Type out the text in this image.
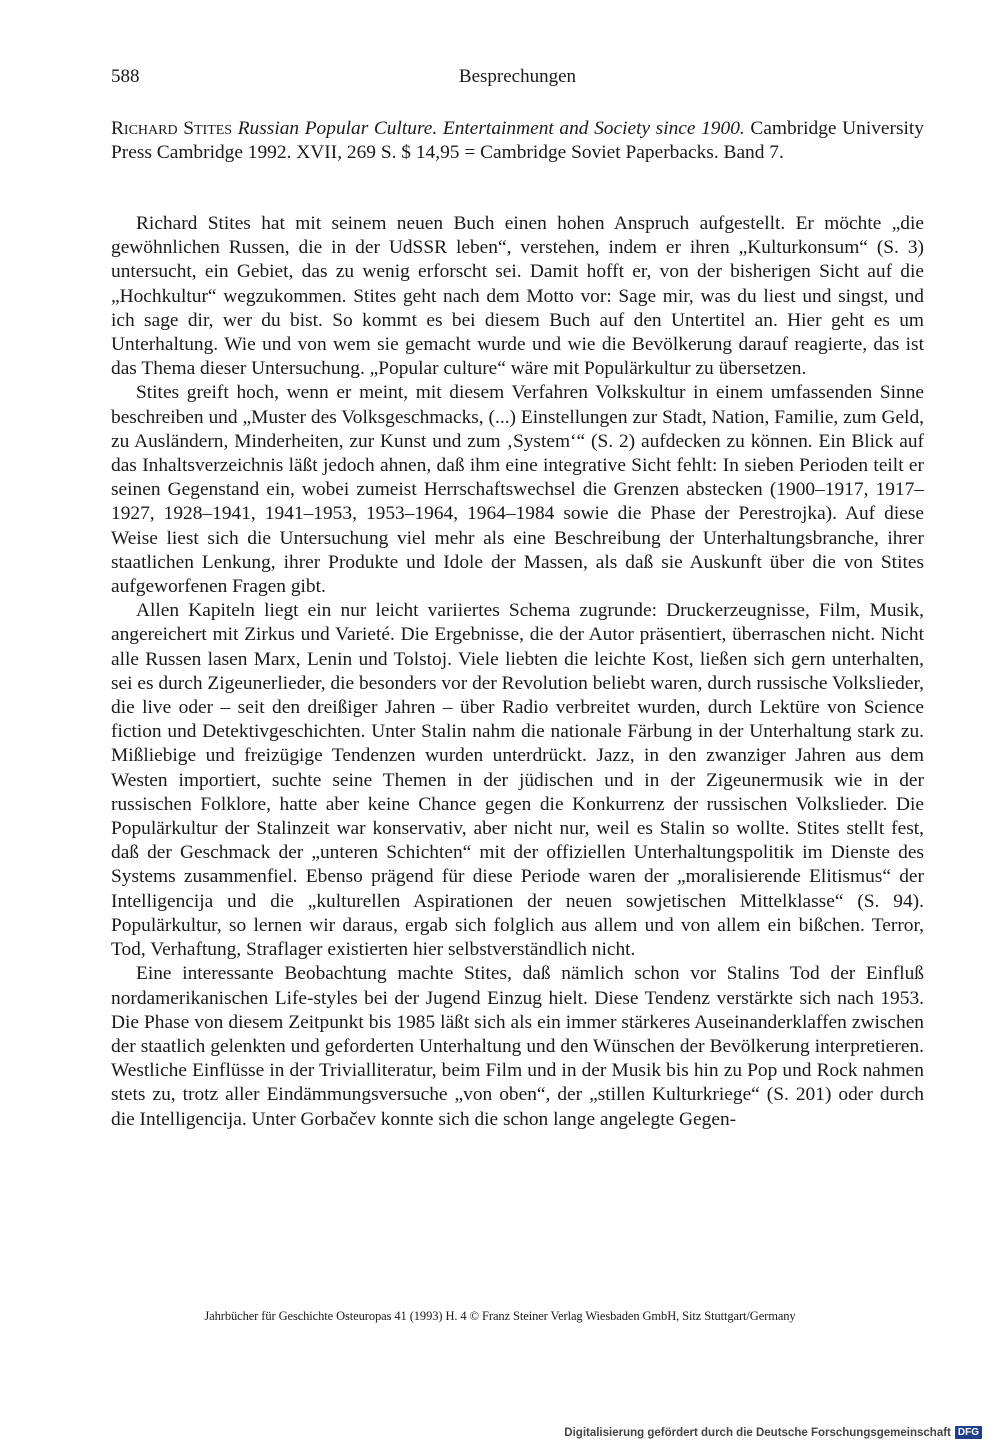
588	Besprechungen
Richard Stites Russian Popular Culture. Entertainment and Society since 1900. Cambridge University Press Cambridge 1992. XVII, 269 S. $ 14,95 = Cambridge Soviet Paperbacks. Band 7.

Richard Stites hat mit seinem neuen Buch einen hohen Anspruch aufgestellt. Er möchte „die gewöhnlichen Russen, die in der UdSSR leben“, verstehen, indem er ihren „Kulturkonsum“ (S. 3) untersucht, ein Gebiet, das zu wenig erforscht sei. Damit hofft er, von der bisherigen Sicht auf die „Hochkultur“ wegzukommen. Stites geht nach dem Motto vor: Sage mir, was du liest und singst, und ich sage dir, wer du bist. So kommt es bei diesem Buch auf den Untertitel an. Hier geht es um Unterhaltung. Wie und von wem sie gemacht wurde und wie die Bevölkerung darauf reagierte, das ist das Thema dieser Untersuchung. „Popular culture“ wäre mit Populärkultur zu übersetzen.

Stites greift hoch, wenn er meint, mit diesem Verfahren Volkskultur in einem umfassenden Sinne beschreiben und „Muster des Volksgeschmacks, (...) Einstellungen zur Stadt, Nation, Familie, zum Geld, zu Ausländern, Minderheiten, zur Kunst und zum ‚System‘“ (S. 2) aufdecken zu können. Ein Blick auf das Inhaltsverzeichnis läßt jedoch ahnen, daß ihm eine integrative Sicht fehlt: In sieben Perioden teilt er seinen Gegenstand ein, wobei zumeist Herrschaftswechsel die Grenzen abstecken (1900–1917, 1917–1927, 1928–1941, 1941–1953, 1953–1964, 1964–1984 sowie die Phase der Perestrojka). Auf diese Weise liest sich die Untersuchung viel mehr als eine Beschreibung der Unterhaltungsbranche, ihrer staatlichen Lenkung, ihrer Produkte und Idole der Massen, als daß sie Auskunft über die von Stites aufgeworfenen Fragen gibt.

Allen Kapiteln liegt ein nur leicht variiertes Schema zugrunde: Druckerzeugnisse, Film, Musik, angereichert mit Zirkus und Varieté. Die Ergebnisse, die der Autor präsentiert, überraschen nicht. Nicht alle Russen lasen Marx, Lenin und Tolstoj. Viele liebten die leichte Kost, ließen sich gern unterhalten, sei es durch Zigeunerlieder, die besonders vor der Revolution beliebt waren, durch russische Volkslieder, die live oder – seit den dreißiger Jahren – über Radio verbreitet wurden, durch Lektüre von Science fiction und Detektivgeschichten. Unter Stalin nahm die nationale Färbung in der Unterhaltung stark zu. Mißliebige und freizügige Tendenzen wurden unterdrückt. Jazz, in den zwanziger Jahren aus dem Westen importiert, suchte seine Themen in der jüdischen und in der Zigeunermusik wie in der russischen Folklore, hatte aber keine Chance gegen die Konkurrenz der russischen Volkslieder. Die Populärkultur der Stalinzeit war konservativ, aber nicht nur, weil es Stalin so wollte. Stites stellt fest, daß der Geschmack der „unteren Schichten“ mit der offiziellen Unterhaltungspolitik im Dienste des Systems zusammenfiel. Ebenso prägend für diese Periode waren der „moralisierende Elitismus“ der Intelligencija und die „kulturellen Aspirationen der neuen sowjetischen Mittelklasse“ (S. 94). Populärkultur, so lernen wir daraus, ergab sich folglich aus allem und von allem ein bißchen. Terror, Tod, Verhaftung, Straflager existierten hier selbstverständlich nicht.

Eine interessante Beobachtung machte Stites, daß nämlich schon vor Stalins Tod der Einfluß nordamerikanischen Life-styles bei der Jugend Einzug hielt. Diese Tendenz verstärkte sich nach 1953. Die Phase von diesem Zeitpunkt bis 1985 läßt sich als ein immer stärkeres Auseinanderklaffen zwischen der staatlich gelenkten und geforderten Unterhaltung und den Wünschen der Bevölkerung interpretieren. Westliche Einflüsse in der Trivialliteratur, beim Film und in der Musik bis hin zu Pop und Rock nahmen stets zu, trotz aller Eindämmungsversuche „von oben“, der „stillen Kulturkriege“ (S. 201) oder durch die Intelligencija. Unter Gorbačev konnte sich die schon lange angelegte Gegen-

Jahrbücher für Geschichte Osteuropas 41 (1993) H. 4 © Franz Steiner Verlag Wiesbaden GmbH, Sitz Stuttgart/Germany
Digitalisierung gefördert durch die Deutsche Forschungsgemeinschaft DFG
